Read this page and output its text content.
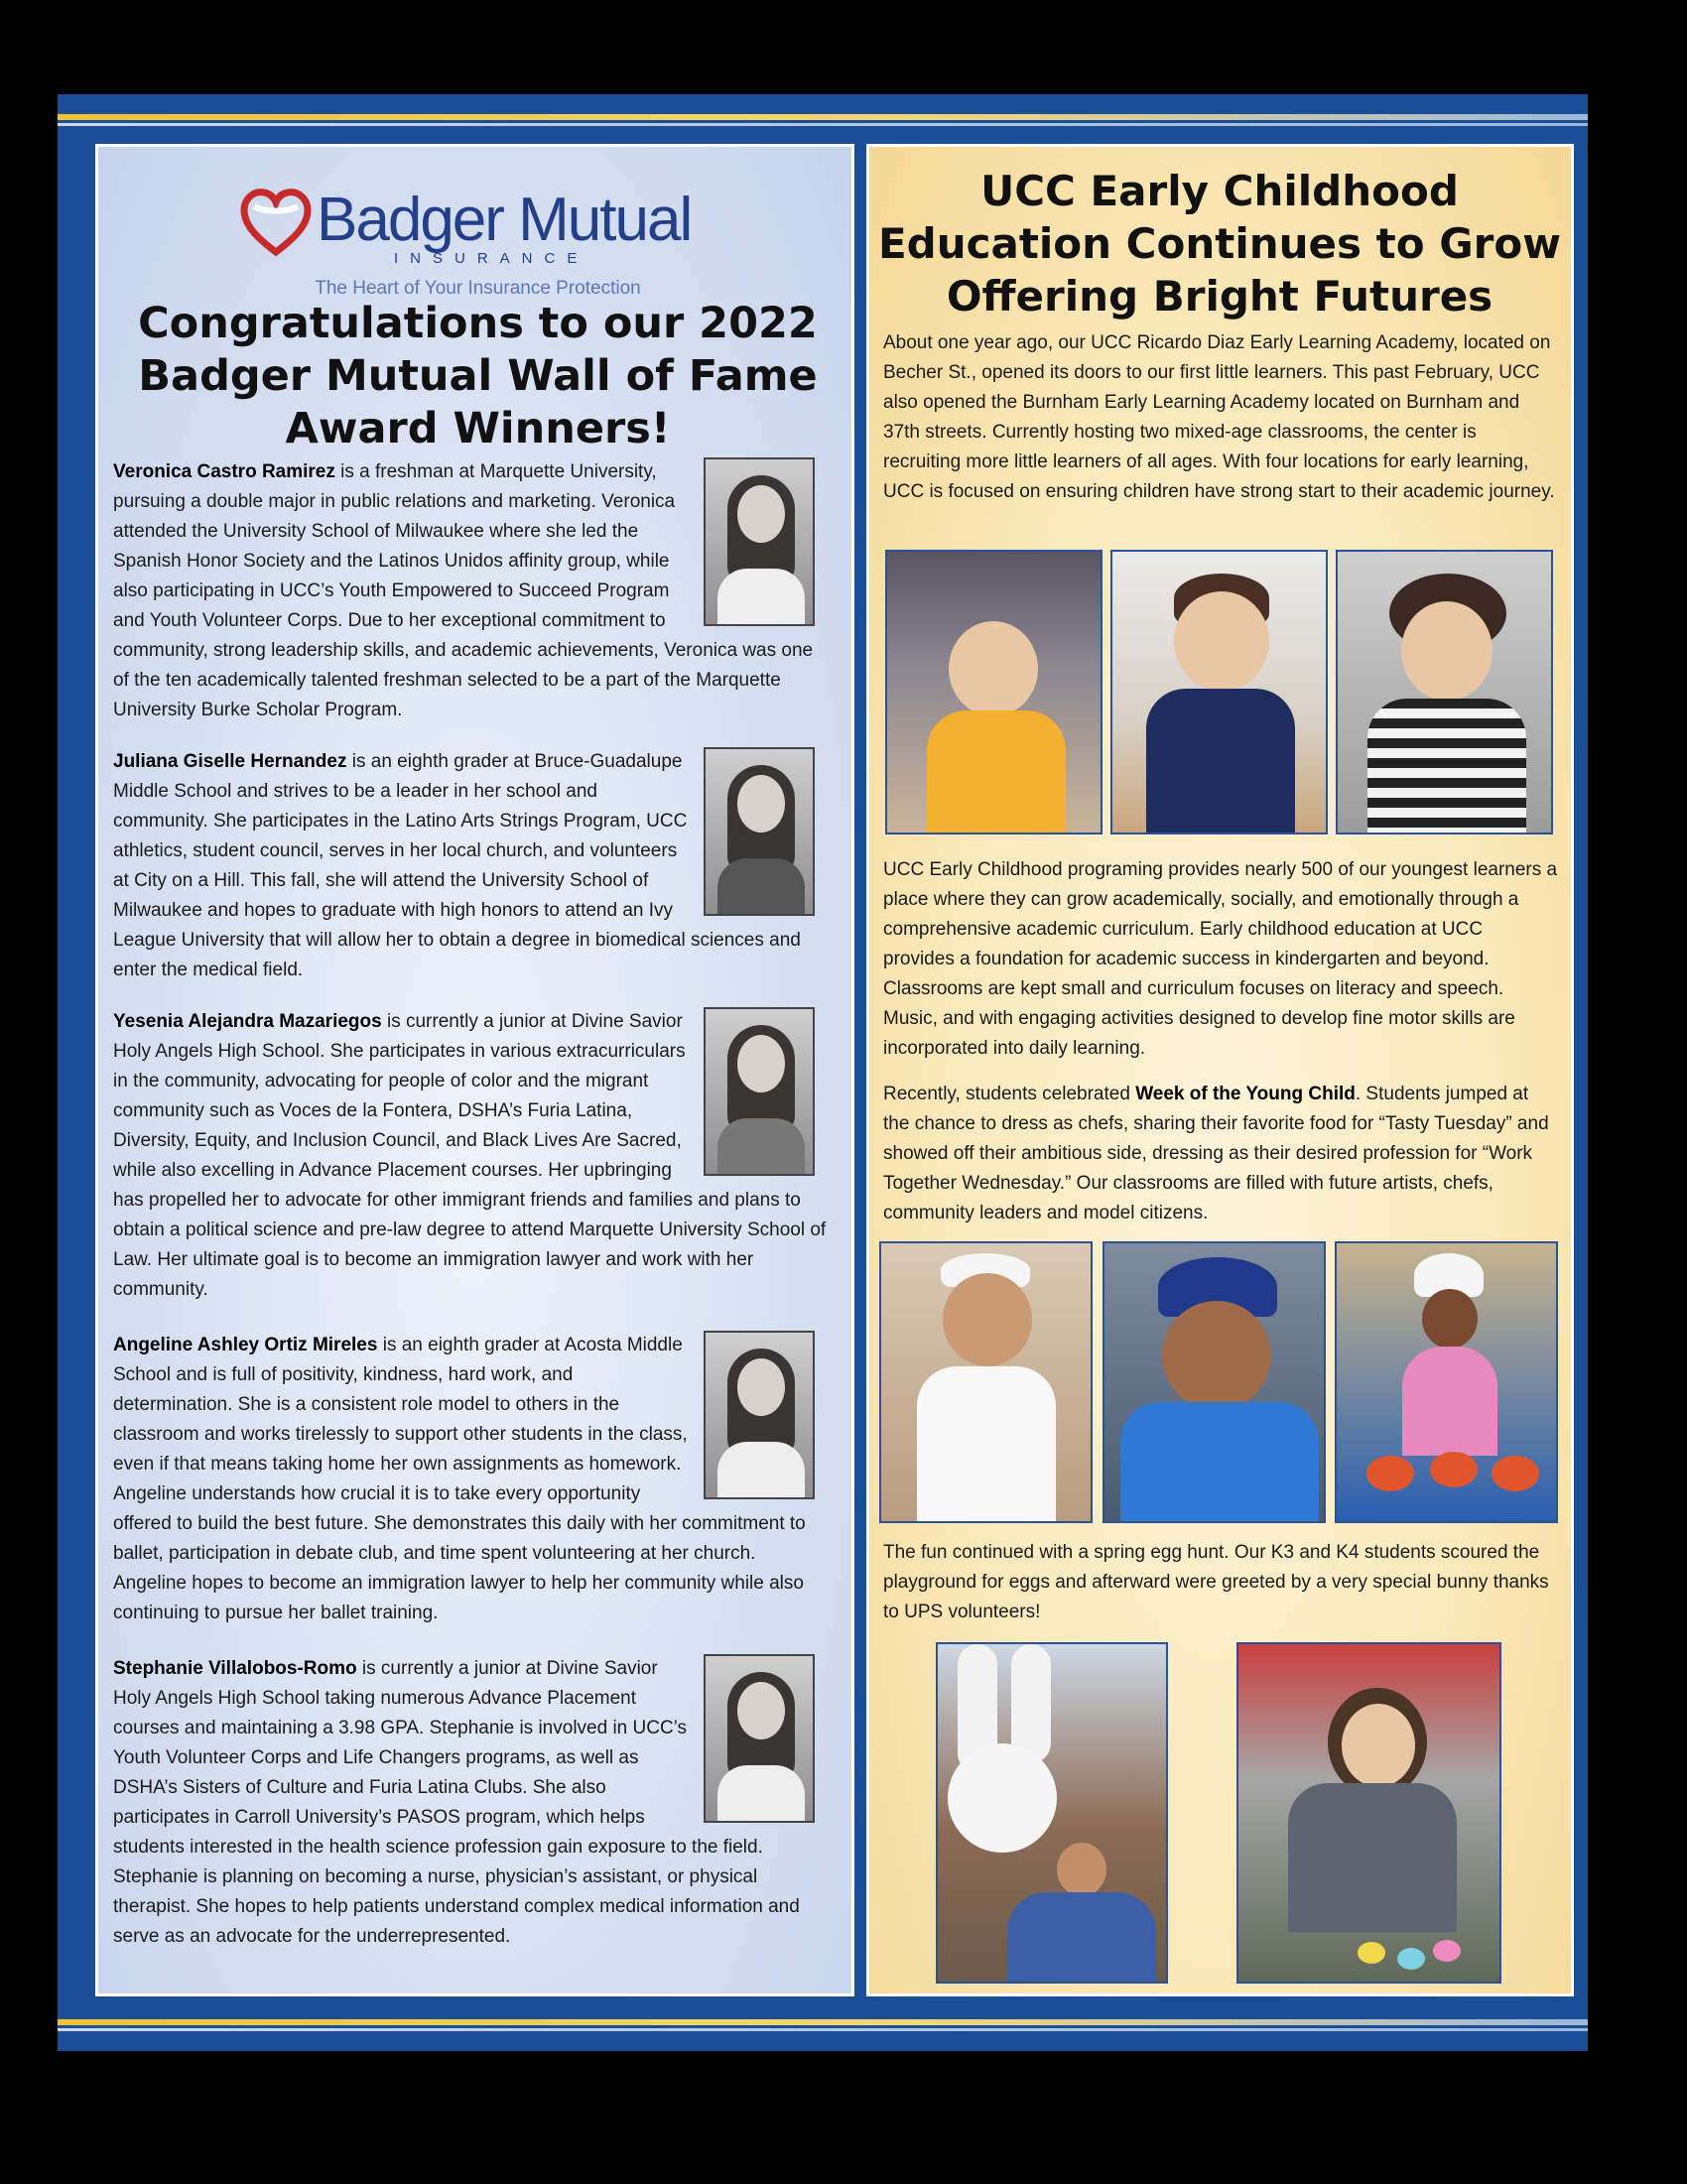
Badger Mutual
INSURANCE
The Heart of Your Insurance Protection
Congratulations to our 2022 Badger Mutual Wall of Fame Award Winners!

Veronica Castro Ramirez is a freshman at Marquette University, pursuing a double major in public relations and marketing. Veronica attended the University School of Milwaukee where she led the Spanish Honor Society and the Latinos Unidos affinity group, while also participating in UCC’s Youth Empowered to Succeed Program and Youth Volunteer Corps. Due to her exceptional commitment to community, strong leadership skills, and academic achievements, Veronica was one of the ten academically talented freshman selected to be a part of the Marquette University Burke Scholar Program.

Juliana Giselle Hernandez is an eighth grader at Bruce-Guadalupe Middle School and strives to be a leader in her school and community. She participates in the Latino Arts Strings Program, UCC athletics, student council, serves in her local church, and volunteers at City on a Hill. This fall, she will attend the University School of Milwaukee and hopes to graduate with high honors to attend an Ivy League University that will allow her to obtain a degree in biomedical sciences and enter the medical field.

Yesenia Alejandra Mazariegos is currently a junior at Divine Savior Holy Angels High School. She participates in various extracurriculars in the community, advocating for people of color and the migrant community such as Voces de la Fontera, DSHA’s Furia Latina, Diversity, Equity, and Inclusion Council, and Black Lives Are Sacred, while also excelling in Advance Placement courses. Her upbringing has propelled her to advocate for other immigrant friends and families and plans to obtain a political science and pre-law degree to attend Marquette University School of Law. Her ultimate goal is to become an immigration lawyer and work with her community.

Angeline Ashley Ortiz Mireles is an eighth grader at Acosta Middle School and is full of positivity, kindness, hard work, and determination. She is a consistent role model to others in the classroom and works tirelessly to support other students in the class, even if that means taking home her own assignments as homework. Angeline understands how crucial it is to take every opportunity offered to build the best future. She demonstrates this daily with her commitment to ballet, participation in debate club, and time spent volunteering at her church. Angeline hopes to become an immigration lawyer to help her community while also continuing to pursue her ballet training.

Stephanie Villalobos-Romo is currently a junior at Divine Savior Holy Angels High School taking numerous Advance Placement courses and maintaining a 3.98 GPA. Stephanie is involved in UCC’s Youth Volunteer Corps and Life Changers programs, as well as DSHA’s Sisters of Culture and Furia Latina Clubs. She also participates in Carroll University’s PASOS program, which helps students interested in the health science profession gain exposure to the field. Stephanie is planning on becoming a nurse, physician’s assistant, or physical therapist. She hopes to help patients understand complex medical information and serve as an advocate for the underrepresented.

UCC Early Childhood Education Continues to Grow Offering Bright Futures

About one year ago, our UCC Ricardo Diaz Early Learning Academy, located on Becher St., opened its doors to our first little learners. This past February, UCC also opened the Burnham Early Learning Academy located on Burnham and 37th streets. Currently hosting two mixed-age classrooms, the center is recruiting more little learners of all ages. With four locations for early learning, UCC is focused on ensuring children have strong start to their academic journey.

UCC Early Childhood programing provides nearly 500 of our youngest learners a place where they can grow academically, socially, and emotionally through a comprehensive academic curriculum. Early childhood education at UCC provides a foundation for academic success in kindergarten and beyond. Classrooms are kept small and curriculum focuses on literacy and speech. Music, and with engaging activities designed to develop fine motor skills are incorporated into daily learning.

Recently, students celebrated Week of the Young Child. Students jumped at the chance to dress as chefs, sharing their favorite food for “Tasty Tuesday” and showed off their ambitious side, dressing as their desired profession for “Work Together Wednesday.” Our classrooms are filled with future artists, chefs, community leaders and model citizens.

The fun continued with a spring egg hunt. Our K3 and K4 students scoured the playground for eggs and afterward were greeted by a very special bunny thanks to UPS volunteers!
